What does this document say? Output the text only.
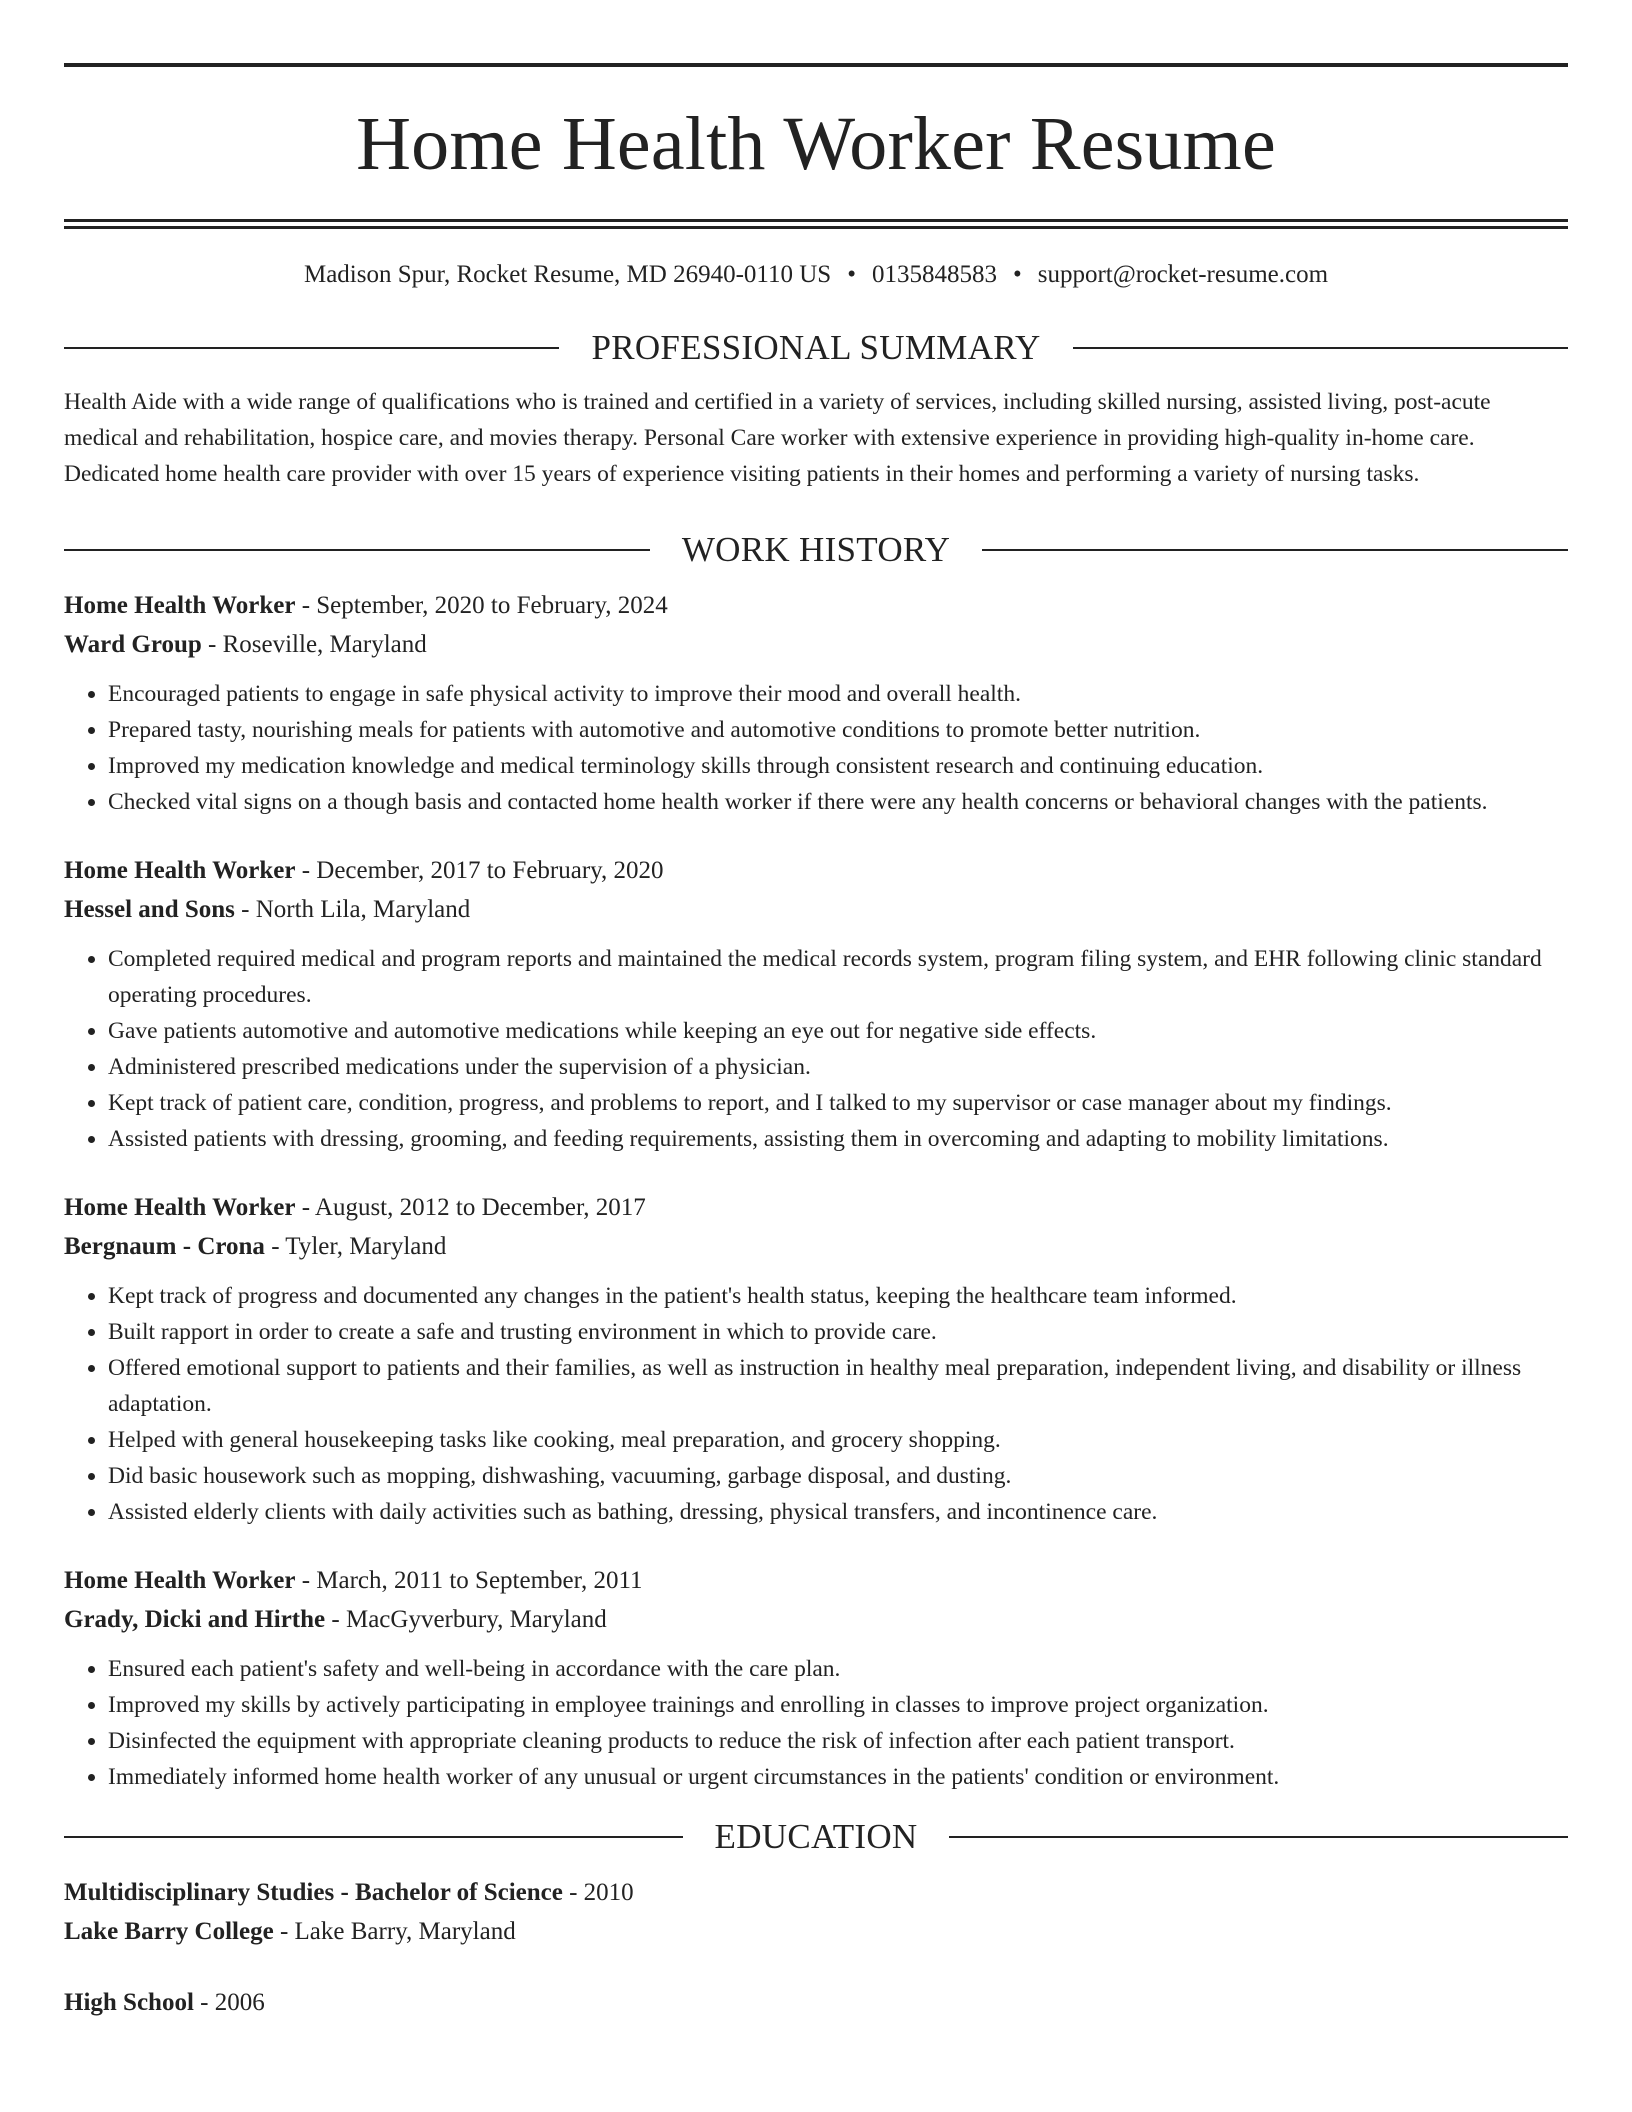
Home Health Worker Resume
Madison Spur, Rocket Resume, MD 26940-0110 US • 0135848583 • support@rocket-resume.com
PROFESSIONAL SUMMARY
Health Aide with a wide range of qualifications who is trained and certified in a variety of services, including skilled nursing, assisted living, post-acute medical and rehabilitation, hospice care, and movies therapy. Personal Care worker with extensive experience in providing high-quality in-home care. Dedicated home health care provider with over 15 years of experience visiting patients in their homes and performing a variety of nursing tasks.
WORK HISTORY
Home Health Worker - September, 2020 to February, 2024
Ward Group - Roseville, Maryland
• Encouraged patients to engage in safe physical activity to improve their mood and overall health.
• Prepared tasty, nourishing meals for patients with automotive and automotive conditions to promote better nutrition.
• Improved my medication knowledge and medical terminology skills through consistent research and continuing education.
• Checked vital signs on a though basis and contacted home health worker if there were any health concerns or behavioral changes with the patients.
Home Health Worker - December, 2017 to February, 2020
Hessel and Sons - North Lila, Maryland
• Completed required medical and program reports and maintained the medical records system, program filing system, and EHR following clinic standard operating procedures.
• Gave patients automotive and automotive medications while keeping an eye out for negative side effects.
• Administered prescribed medications under the supervision of a physician.
• Kept track of patient care, condition, progress, and problems to report, and I talked to my supervisor or case manager about my findings.
• Assisted patients with dressing, grooming, and feeding requirements, assisting them in overcoming and adapting to mobility limitations.
Home Health Worker - August, 2012 to December, 2017
Bergnaum - Crona - Tyler, Maryland
• Kept track of progress and documented any changes in the patient's health status, keeping the healthcare team informed.
• Built rapport in order to create a safe and trusting environment in which to provide care.
• Offered emotional support to patients and their families, as well as instruction in healthy meal preparation, independent living, and disability or illness adaptation.
• Helped with general housekeeping tasks like cooking, meal preparation, and grocery shopping.
• Did basic housework such as mopping, dishwashing, vacuuming, garbage disposal, and dusting.
• Assisted elderly clients with daily activities such as bathing, dressing, physical transfers, and incontinence care.
Home Health Worker - March, 2011 to September, 2011
Grady, Dicki and Hirthe - MacGyverbury, Maryland
• Ensured each patient's safety and well-being in accordance with the care plan.
• Improved my skills by actively participating in employee trainings and enrolling in classes to improve project organization.
• Disinfected the equipment with appropriate cleaning products to reduce the risk of infection after each patient transport.
• Immediately informed home health worker of any unusual or urgent circumstances in the patients' condition or environment.
EDUCATION
Multidisciplinary Studies - Bachelor of Science - 2010
Lake Barry College - Lake Barry, Maryland
High School - 2006
